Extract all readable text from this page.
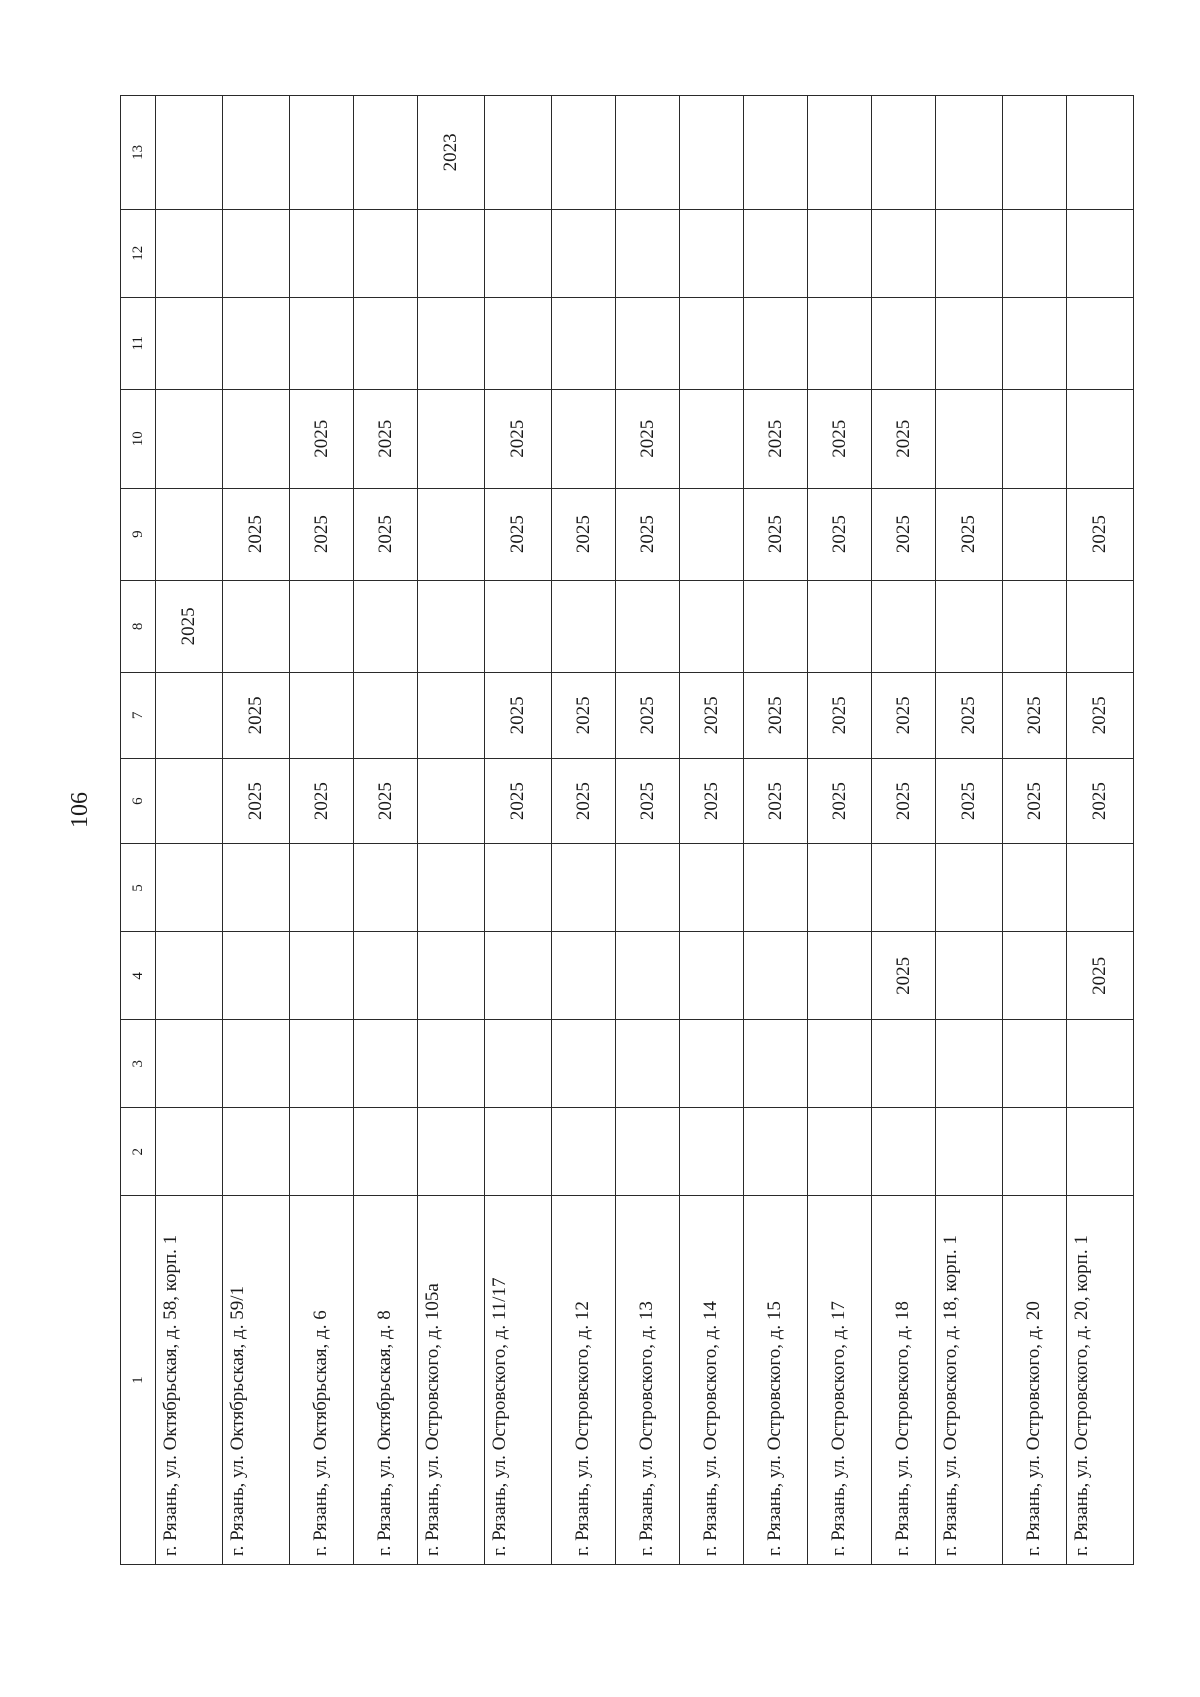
106
1	2	3	4	5	6	7	8	9	10	11	12	13
г. Рязань, ул. Октябрьская, д. 58, корп. 1							2025					
г. Рязань, ул. Октябрьская, д. 59/1					2025	2025		2025				
г. Рязань, ул. Октябрьская, д. 6					2025			2025	2025			
г. Рязань, ул. Октябрьская, д. 8					2025			2025	2025			
г. Рязань, ул. Островского, д. 105а												2023
г. Рязань, ул. Островского, д. 11/17					2025	2025		2025	2025			
г. Рязань, ул. Островского, д. 12					2025	2025		2025				
г. Рязань, ул. Островского, д. 13					2025	2025		2025	2025			
г. Рязань, ул. Островского, д. 14					2025	2025						
г. Рязань, ул. Островского, д. 15					2025	2025		2025	2025			
г. Рязань, ул. Островского, д. 17					2025	2025		2025	2025			
г. Рязань, ул. Островского, д. 18			2025		2025	2025		2025	2025			
г. Рязань, ул. Островского, д. 18, корп. 1					2025	2025		2025				
г. Рязань, ул. Островского, д. 20					2025	2025						
г. Рязань, ул. Островского, д. 20, корп. 1			2025		2025	2025		2025				
